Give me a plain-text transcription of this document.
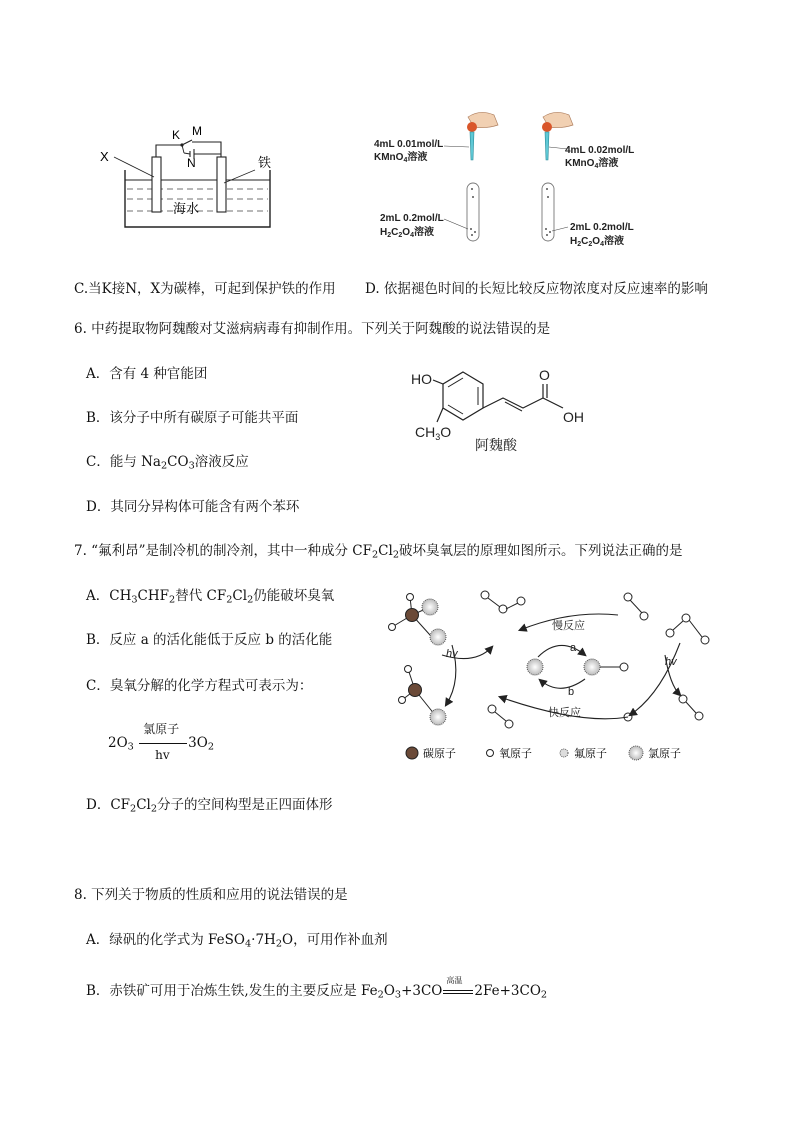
X
K M
N	铁
海水
4mL 0.01mol/L
KMnO$_4$溶液
4mL 0.02mol/L
KMnO$_4$溶液
2mL 0.2mol/L
$H_2C_2O_4$溶液	2mL 0.2mol/L
$H_2C_2O_4$溶液
C.当K接N，X为碳棒，可起到保护铁的作用 D. 依据褪色时间的长短比较反应物浓度对反应速率的影响
6. 中药提取物阿魏酸对艾滋病病毒有抑制作用。下列关于阿魏酸的说法错误的是
A．含有 4 种官能团
B．该分子中所有碳原子可能共平面
C．能与 $Na_2CO_3$溶液反应
D．其同分异构体可能含有两个苯环
HO
$CH_3O$
O
OH
阿魏酸
7. “氟利昂”是制冷机的制冷剂，其中一种成分 $CF_2Cl_2$破坏臭氧层的原理如图所示。下列说法正确的是
A．$CH_3CHF_2$替代 $CF_2Cl_2$仍能破坏臭氧
B．反应 a 的活化能低于反应 b 的活化能
C．臭氧分解的化学方程式可表示为：
$2O_3$
氯原子
hv
$3O_2$
D．$CF_2Cl_2$分子的空间构型是正四面体形
慢反应
a
b
快反应
hv
hv
碳原子	氧原子	氟原子	氯原子
8. 下列关于物质的性质和应用的说法错误的是
A．绿矾的化学式为 $FeSO_4\cdot 7H_2O$，可用作补血剂
B．赤铁矿可用于冶炼生铁,发生的主要反应是 $Fe_2O_3+3CO$
高温
$2Fe+3CO_2$
